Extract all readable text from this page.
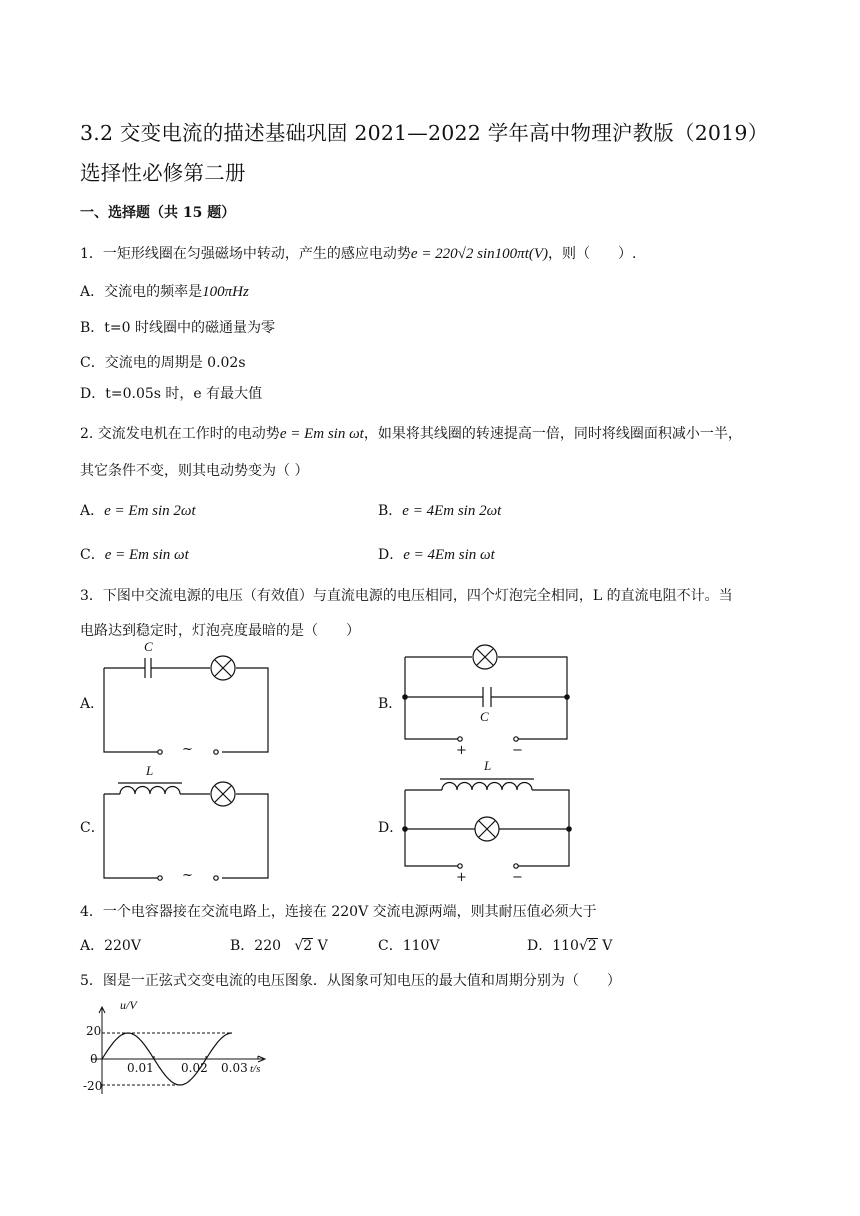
3.2 交变电流的描述基础巩固 2021—2022 学年高中物理沪教版（2019）
选择性必修第二册
一、选择题（共 15 题）
1．一矩形线圈在匀强磁场中转动，产生的感应电动势e = 220√2 sin100πt(V)，则（　　）.
A．交流电的频率是100πHz
B．t=0 时线圈中的磁通量为零
C．交流电的周期是 0.02s
D．t=0.05s 时，e 有最大值
2. 交流发电机在工作时的电动势e = Em sin ωt，如果将其线圈的转速提高一倍，同时将线圈面积减小一半，
其它条件不变，则其电动势变为（ ）
A．e = Em sin 2ωt	B．e = 4Em sin 2ωt
C．e = Em sin ωt	D．e = 4Em sin ωt
3．下图中交流电源的电压（有效值）与直流电源的电压相同，四个灯泡完全相同，L 的直流电阻不计。当
电路达到稳定时，灯泡亮度最暗的是（　　）
A．	B．
C．	D．
C
~
C
+	−
L
~
L
+	−
4．一个电容器接在交流电路上，连接在 220V 交流电源两端，则其耐压值必须大于
A．220V	B．220   √2 V	C．110V	D．110√2 V
5．图是一正弦式交变电流的电压图象．从图象可知电压的最大值和周期分别为（　　）
u/V
t/s
20
0
-20
0.01 0.02 0.03
